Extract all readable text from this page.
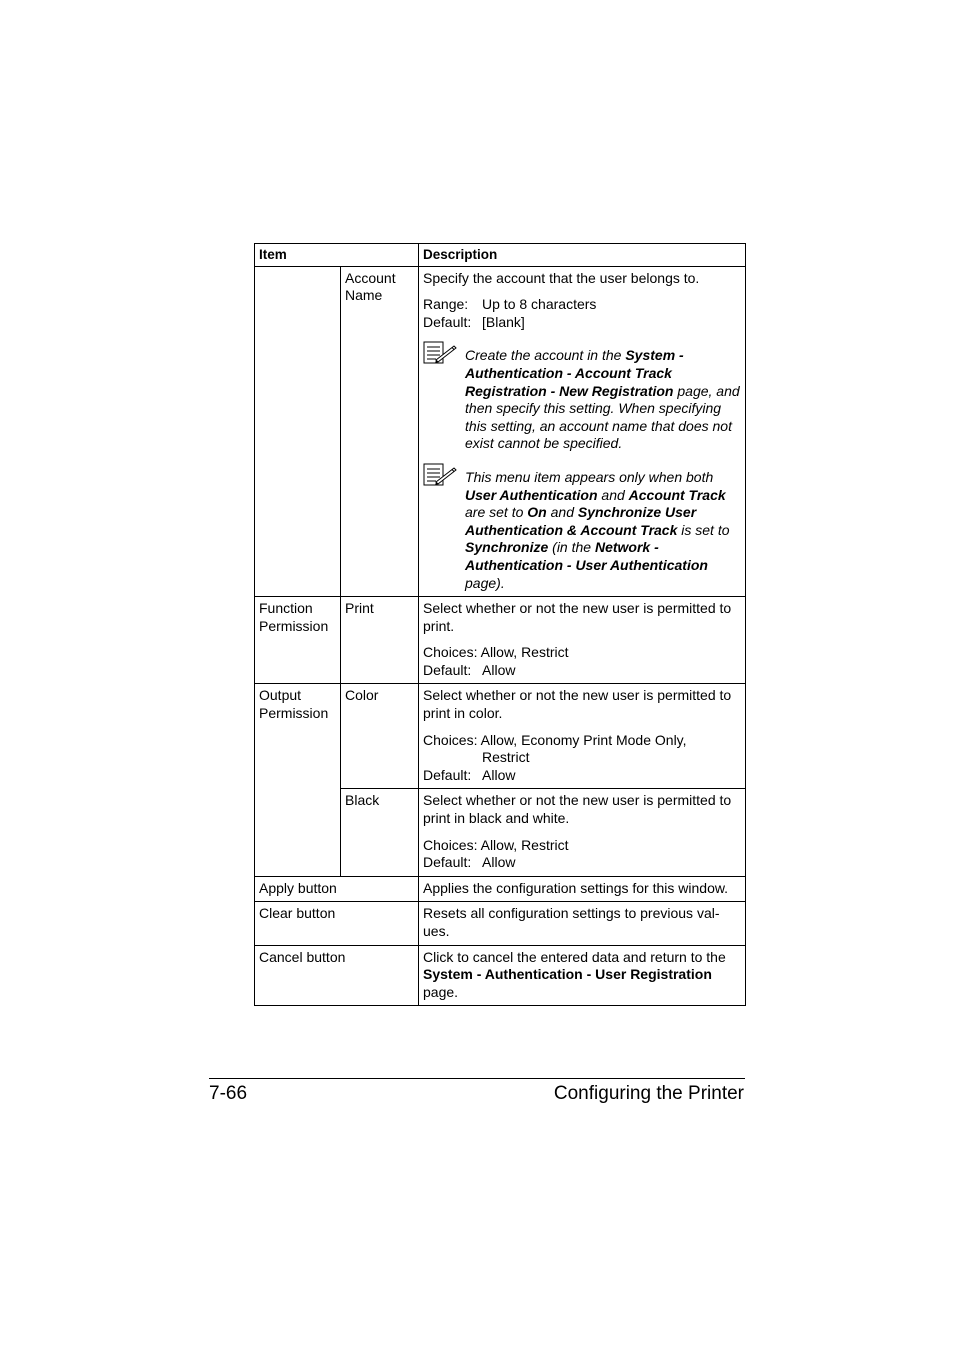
Item		Description
	Account Name	Specify the account that the user belongs to.

Range: Up to 8 characters

Default: [Blank]

Create the account in the System - Authentication - Account Track Registration - New Registration page, and then specify this setting. When specifying this setting, an account name that does not exist cannot be specified.
This menu item appears only when both User Authentication and Account Track are set to On and Synchronize User Authentication & Account Track is set to Synchronize (in the Network - Authentication - User Authentication page).

Function Permission	Print	Select whether or not the new user is permitted to print.

Choices: Allow, Restrict

Default: Allow

Output Permission	Color	Select whether or not the new user is permitted to print in color.

Choices: Allow, Economy Print Mode Only,

Restrict

Default: Allow

	Black	Select whether or not the new user is permitted to print in black and white.

Choices: Allow, Restrict

Default: Allow

Apply button		Applies the configuration settings for this window.
Clear button		Resets all configuration settings to previous val-ues.
Cancel button		Click to cancel the entered data and return to the System - Authentication - User Registration page.
7-66	Configuring the Printer
